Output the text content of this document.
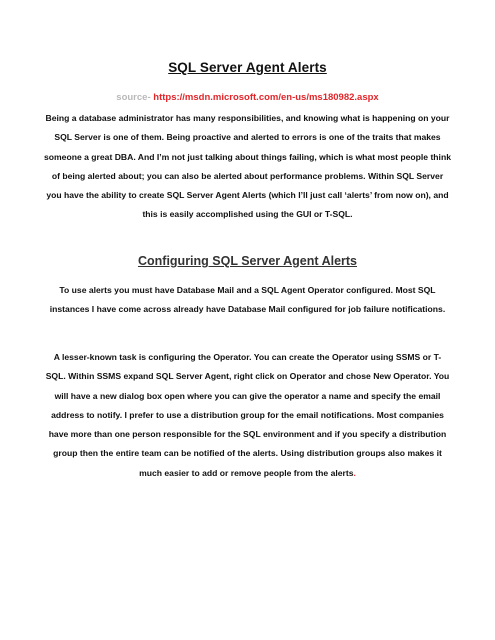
SQL Server Agent Alerts
source- https://msdn.microsoft.com/en-us/ms180982.aspx

Being a database administrator has many responsibilities, and knowing what is happening on your SQL Server is one of them. Being proactive and alerted to errors is one of the traits that makes someone a great DBA. And I’m not just talking about things failing, which is what most people think of being alerted about; you can also be alerted about performance problems. Within SQL Server you have the ability to create SQL Server Agent Alerts (which I’ll just call ‘alerts’ from now on), and this is easily accomplished using the GUI or T-SQL.

Configuring SQL Server Agent Alerts

To use alerts you must have Database Mail and a SQL Agent Operator configured. Most SQL instances I have come across already have Database Mail configured for job failure notifications.

A lesser-known task is configuring the Operator. You can create the Operator using SSMS or T-SQL. Within SSMS expand SQL Server Agent, right click on Operator and chose New Operator. You will have a new dialog box open where you can give the operator a name and specify the email address to notify. I prefer to use a distribution group for the email notifications. Most companies have more than one person responsible for the SQL environment and if you specify a distribution group then the entire team can be notified of the alerts. Using distribution groups also makes it much easier to add or remove people from the alerts.
